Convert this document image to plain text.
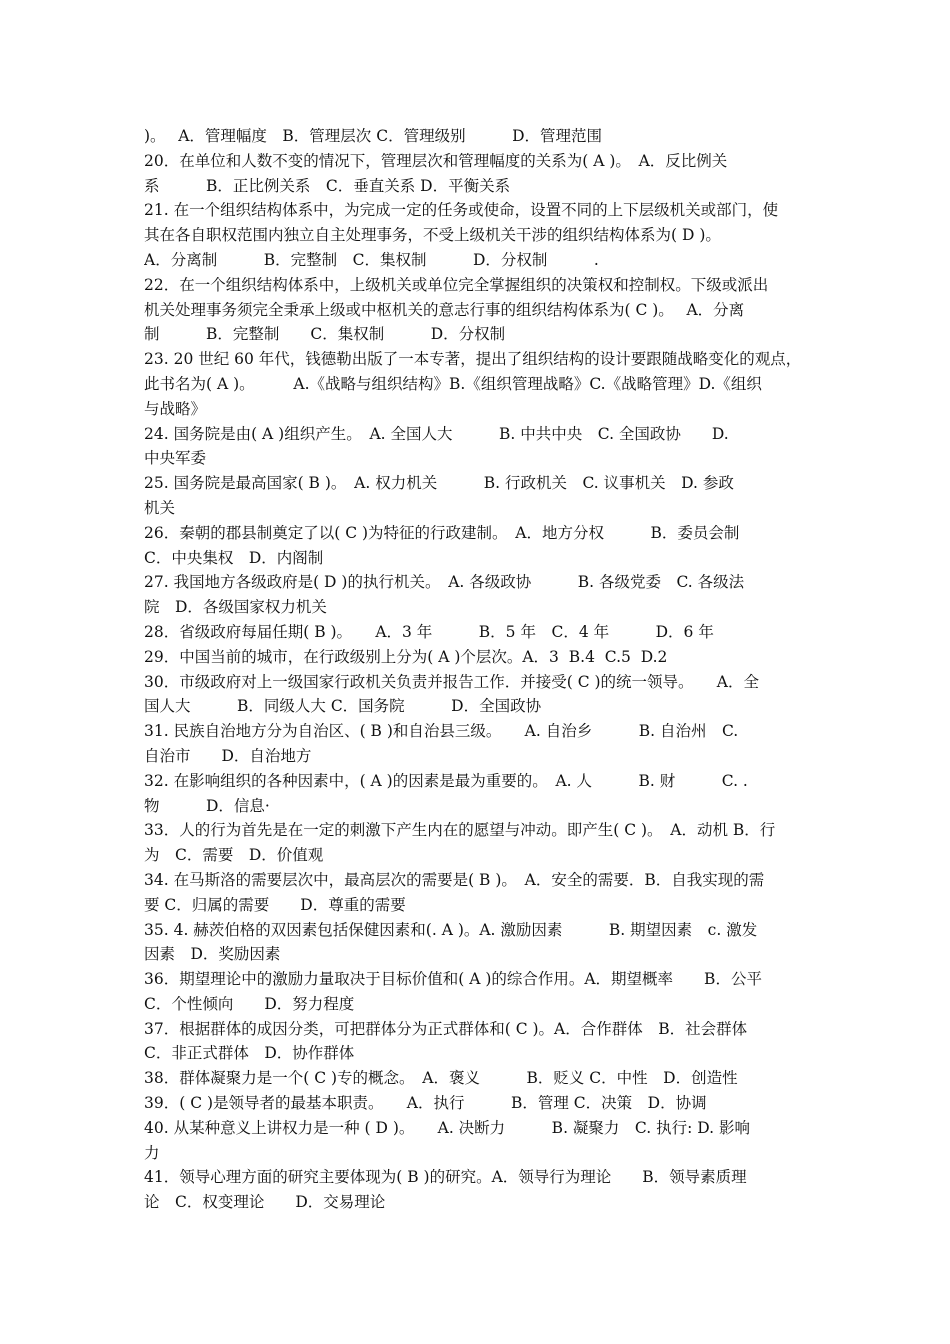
)。　 A．管理幅度　B．管理层次 C．管理级别　　　D．管理范围
20．在单位和人数不变的情况下，管理层次和管理幅度的关系为( A )。　A．反比例关
系　　　B．正比例关系　C．垂直关系 D．平衡关系
21. 在一个组织结构体系中，为完成一定的任务或使命，设置不同的上下层级机关或部门，使
其在各自职权范围内独立自主处理事务，不受上级机关干涉的组织结构体系为( D )。
A．分离制　　　B．完整制　C．集权制　　　D．分权制　　　.
22．在一个组织结构体系中，上级机关或单位完全掌握组织的决策权和控制权。下级或派出
机关处理事务须完全秉承上级或中枢机关的意志行事的组织结构体系为( C )。　 A．分离
制　　　B．完整制　　C．集权制　　　D．分权制
23. 20 世纪 60 年代，钱德勒出版了一本专著，提出了组织结构的设计要跟随战略变化的观点，
此书名为( A )。　　　A.《战略与组织结构》B.《组织管理战略》C.《战略管理》D.《组织
与战略》
24. 国务院是由( A )组织产生。　A. 全国人大　　　B. 中共中央　C. 全国政协　　D.
中央军委
25. 国务院是最高国家( B )。　A. 权力机关　　　B. 行政机关　C. 议事机关　D. 参政
机关
26．秦朝的郡县制奠定了以( C )为特征的行政建制。　A．地方分权　　　B．委员会制
C．中央集权　D．内阁制
27. 我国地方各级政府是( D )的执行机关。　A. 各级政协　　　B. 各级党委　C. 各级法
院　D．各级国家权力机关
28．省级政府每届任期( B )。　　A．3 年　　　B．5 年　C．4 年　　　D．6 年
29．中国当前的城市，在行政级别上分为( A )个层次。A．3  B.4  C.5  D.2
30．市级政府对上一级国家行政机关负责并报告工作．并接受( C )的统一领导。　　A．全
国人大　　　B．同级人大 C．国务院　　　D．全国政协
31. 民族自治地方分为自治区、( B )和自治县三级。　　A. 自治乡　　　B. 自治州　C.
自治市　　D．自治地方
32. 在影响组织的各种因素中，( A )的因素是最为重要的。　A. 人　　　B. 财　　　C. .
物　　　D．信息·
33．人的行为首先是在一定的刺激下产生内在的愿望与冲动。即产生( C )。　A．动机 B．行
为　C．需要　D．价值观
34. 在马斯洛的需要层次中，最高层次的需要是( B )。　A．安全的需要．B．自我实现的需
要 C．归属的需要　　D．尊重的需要
35. 4. 赫茨伯格的双因素包括保健因素和(. A )。A. 激励因素　　　B. 期望因素　c. 激发
因素　D．奖励因素
36．期望理论中的激励力量取决于目标价值和( A )的综合作用。A．期望概率　　B．公平
C．个性倾向　　D．努力程度
37．根据群体的成因分类，可把群体分为正式群体和( C )。A．合作群体　B．社会群体
C．非正式群体　D．协作群体
38．群体凝聚力是一个( C )专的概念。　A．褒义　　　B．贬义 C．中性　D．创造性
39．( C )是领导者的最基本职责。　　A．执行　　　B．管理 C．决策　D．协调
40. 从某种意义上讲权力是一种 ( D )。　　A. 决断力　　　B. 凝聚力　C. 执行: D. 影响
力
41．领导心理方面的研究主要体现为( B )的研究。A．领导行为理论　　B．领导素质理
论　C．权变理论　　D．交易理论
